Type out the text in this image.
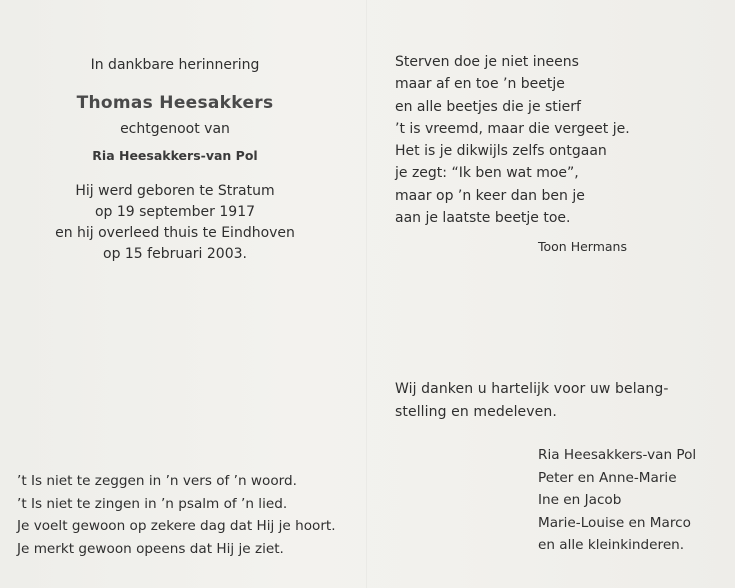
In dankbare herinnering
Thomas Heesakkers
echtgenoot van
Ria Heesakkers-van Pol
Hij werd geboren te Stratum
op 19 september 1917
en hij overleed thuis te Eindhoven
op 15 februari 2003.
’t Is niet te zeggen in ’n vers of ’n woord.
’t Is niet te zingen in ’n psalm of ’n lied.
Je voelt gewoon op zekere dag dat Hij je hoort.
Je merkt gewoon opeens dat Hij je ziet.
Sterven doe je niet ineens
maar af en toe ’n beetje
en alle beetjes die je stierf
’t is vreemd, maar die vergeet je.
Het is je dikwijls zelfs ontgaan
je zegt: “Ik ben wat moe”,
maar op ’n keer dan ben je
aan je laatste beetje toe.
Toon Hermans
Wij danken u hartelijk voor uw belang-
stelling en medeleven.
Ria Heesakkers-van Pol
Peter en Anne-Marie
Ine en Jacob
Marie-Louise en Marco
en alle kleinkinderen.
